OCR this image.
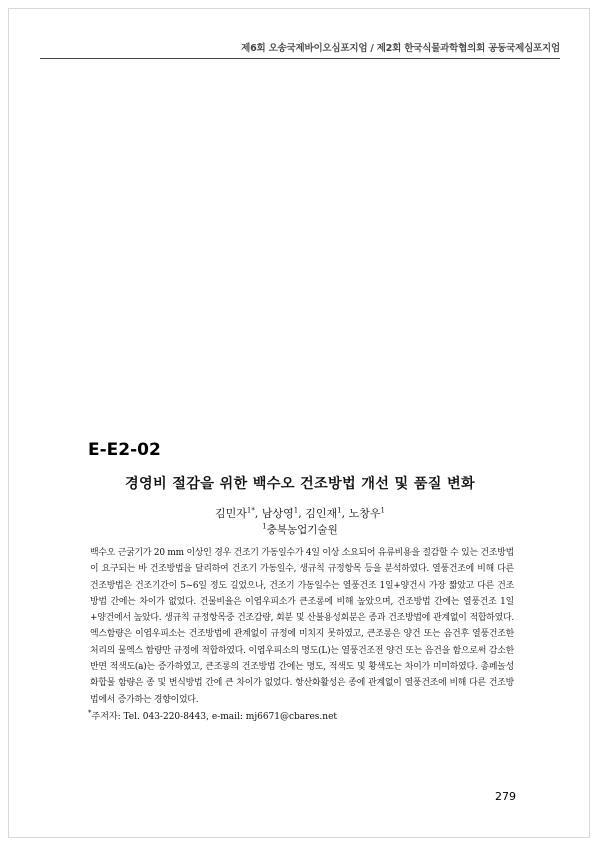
제6회 오송국제바이오심포지엄 / 제2회 한국식물과학협의회 공동국제심포지엄
E-E2-02
경영비 절감을 위한 백수오 건조방법 개선 및 품질 변화
김민자$^{1*}$, 남상영$^1$, 김인재$^1$, 노창우$^1$
$^1$충북농업기술원

백수오 근굵기가 20 mm 이상인 경우 건조기 가동일수가 4일 이상 소요되어 유류비용을 절감할 수 있는 건조방법이 요구되는 바 건조방법을 달리하여 건조기 가동일수, 생규칙 규정항목 등을 분석하였다. 열풍건조에 비해 다른 건조방법은 건조기간이 5~6일 정도 길었으나, 건조기 가동일수는 열풍건조 1일+양건시 가장 짧았고 다른 건조방법 간에는 차이가 없었다. 건물비율은 이엽우피소가 큰조롱에 비해 높았으며, 건조방법 간에는 열풍건조 1일+양건에서 높았다. 생규칙 규정항목중 건조감량, 회분 및 산불용성회분은 종과 건조방법에 관계없이 적합하였다. 엑스함량은 이엽우피소는 건조방법에 관계없이 규정에 미치지 못하였고, 큰조롱은 양건 또는 음건후 열풍건조한 처리의 물엑스 함량만 규정에 적합하였다. 이엽우피소의 명도(L)는 열풍건조전 양건 또는 음건을 함으로써 감소한 반면 적색도(a)는 증가하였고, 큰조롱의 건조방법 간에는 명도, 적색도 및 황색도는 차이가 미미하였다. 총페놀성 화합물 함량은 종 및 번식방법 간에 큰 차이가 없었다. 항산화활성은 종에 관계없이 열풍건조에 비해 다른 건조방법에서 증가하는 경향이었다.

*주저자: Tel. 043-220-8443, e-mail: mj6671@cbares.net
279
